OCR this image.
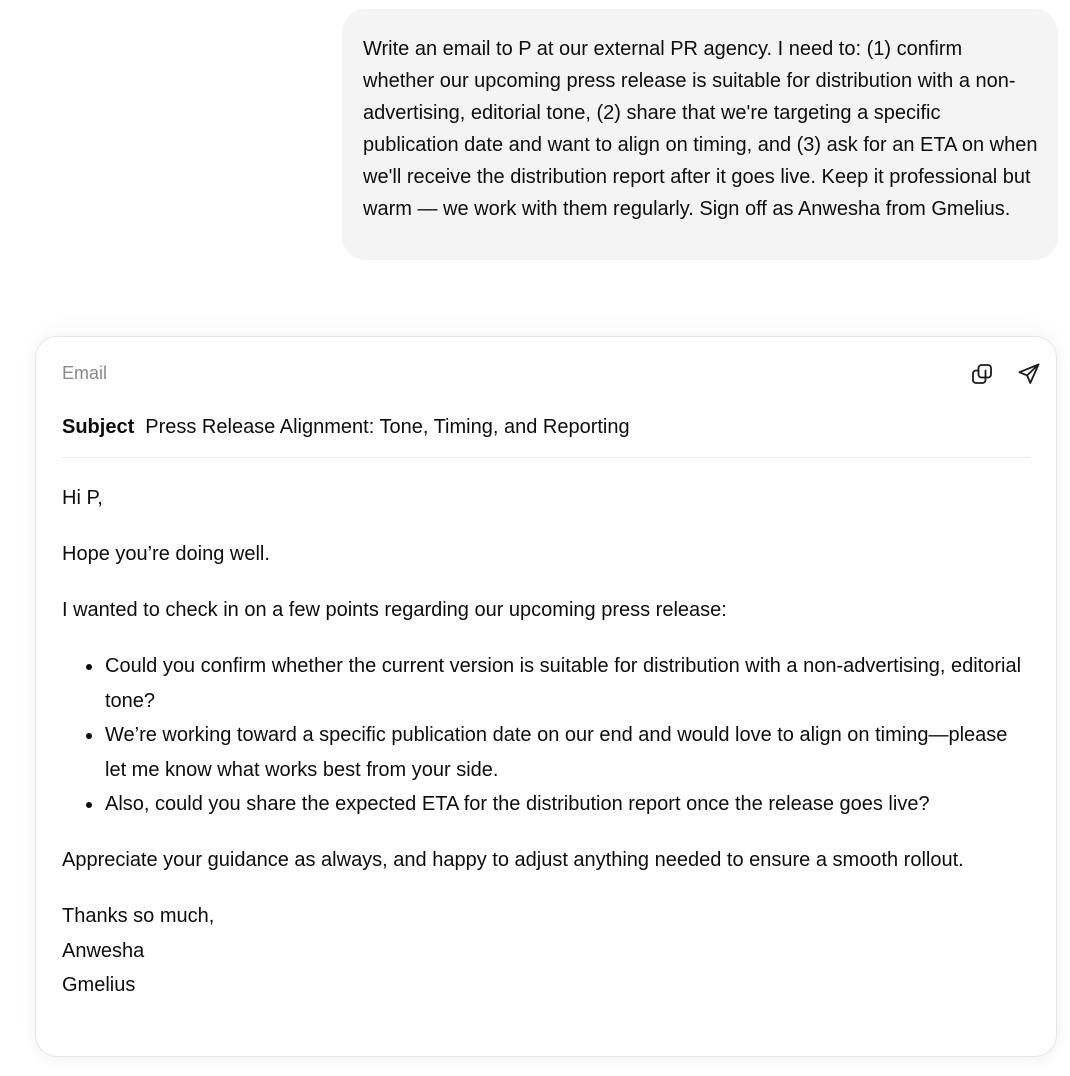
Write an email to P at our external PR agency. I need to: (1) confirm whether our upcoming press release is suitable for distribution with a non-advertising, editorial tone, (2) share that we're targeting a specific publication date and want to align on timing, and (3) ask for an ETA on when we'll receive the distribution report after it goes live. Keep it professional but warm — we work with them regularly. Sign off as Anwesha from Gmelius.
Email
Subject Press Release Alignment: Tone, Timing, and Reporting

Hi P,

Hope you’re doing well.

I wanted to check in on a few points regarding our upcoming press release:

• Could you confirm whether the current version is suitable for distribution with a non-advertising, editorial tone?
• We’re working toward a specific publication date on our end and would love to align on timing—please let me know what works best from your side.
• Also, could you share the expected ETA for the distribution report once the release goes live?

Appreciate your guidance as always, and happy to adjust anything needed to ensure a smooth rollout.

Thanks so much,
Anwesha
Gmelius
